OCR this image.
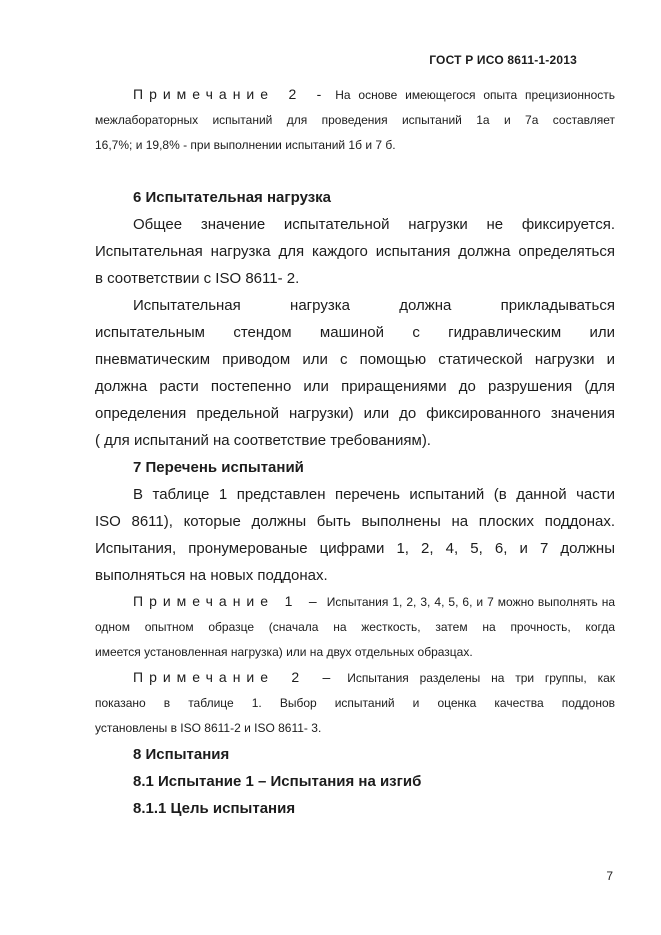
ГОСТ Р ИСО 8611-1-2013
Примечание 2 - На основе имеющегося опыта прецизионность
межлабораторных испытаний для проведения испытаний 1а и 7а составляет
16,7%; и 19,8% - при выполнении испытаний 1б и 7 б.
6 Испытательная нагрузка
Общее значение испытательной нагрузки не фиксируется.
Испытательная нагрузка для каждого испытания должна определяться
в соответствии с ISO 8611- 2.
Испытательная нагрузка должна прикладываться
испытательным стендом машиной с гидравлическим или
пневматическим приводом или с помощью статической нагрузки и
должна расти постепенно или приращениями до разрушения (для
определения предельной нагрузки) или до фиксированного значения
( для испытаний на соответствие требованиям).
7 Перечень испытаний
В таблице 1 представлен перечень испытаний (в данной части
ISO 8611), которые должны быть выполнены на плоских поддонах.
Испытания, пронумерованые цифрами 1, 2, 4, 5, 6, и 7 должны
выполняться на новых поддонах.
Примечание 1 – Испытания 1, 2, 3, 4, 5, 6, и 7 можно выполнять на
одном опытном образце (сначала на жесткость, затем на прочность, когда
имеется установленная нагрузка) или на двух отдельных образцах.
Примечание 2 – Испытания разделены на три группы, как
показано в таблице 1. Выбор испытаний и оценка качества поддонов
установлены в ISO 8611-2 и ISO 8611- 3.
8 Испытания
8.1 Испытание 1 – Испытания на изгиб
8.1.1 Цель испытания
7
